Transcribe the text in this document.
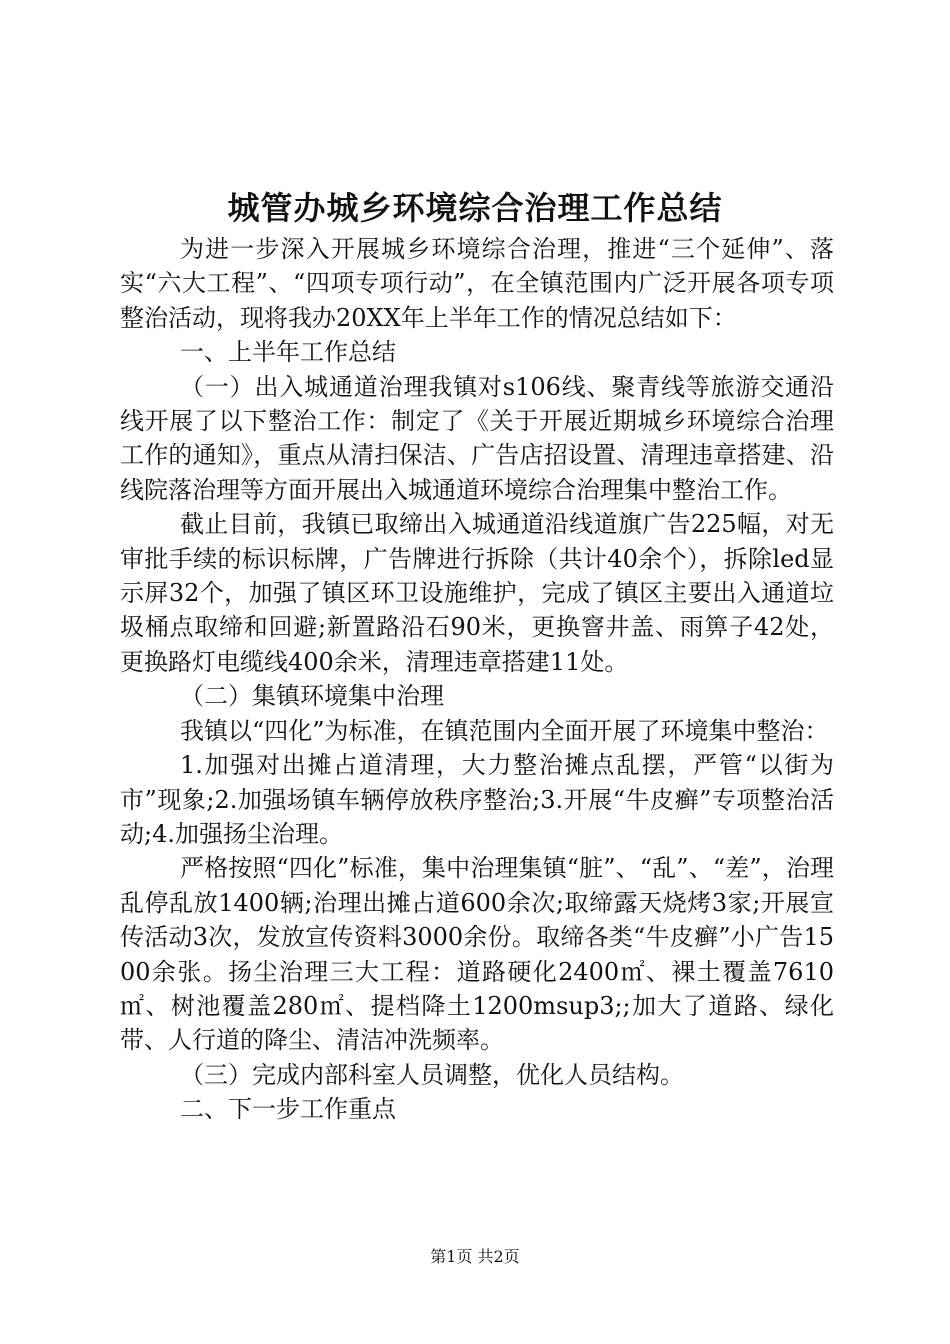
城管办城乡环境综合治理工作总结

为进一步深入开展城乡环境综合治理，推进“三个延伸”、落实“六大工程”、“四项专项行动”，在全镇范围内广泛开展各项专项整治活动，现将我办20XX年上半年工作的情况总结如下：

一、上半年工作总结

（一）出入城通道治理我镇对s106线、聚青线等旅游交通沿线开展了以下整治工作：制定了《关于开展近期城乡环境综合治理工作的通知》，重点从清扫保洁、广告店招设置、清理违章搭建、沿线院落治理等方面开展出入城通道环境综合治理集中整治工作。

截止目前，我镇已取缔出入城通道沿线道旗广告225幅，对无审批手续的标识标牌，广告牌进行拆除（共计40余个），拆除led显示屏32个，加强了镇区环卫设施维护，完成了镇区主要出入通道垃圾桶点取缔和回避;新置路沿石90米，更换窨井盖、雨箅子42处，更换路灯电缆线400余米，清理违章搭建11处。

（二）集镇环境集中治理

我镇以“四化”为标准，在镇范围内全面开展了环境集中整治：

1.加强对出摊占道清理，大力整治摊点乱摆，严管“以街为市”现象;2.加强场镇车辆停放秩序整治;3.开展“牛皮癣”专项整治活动;4.加强扬尘治理。

严格按照“四化”标准，集中治理集镇“脏”、“乱”、“差”，治理乱停乱放1400辆;治理出摊占道600余次;取缔露天烧烤3家;开展宣传活动3次，发放宣传资料3000余份。取缔各类“牛皮癣”小广告1500余张。扬尘治理三大工程：道路硬化2400㎡、裸土覆盖7610㎡、树池覆盖280㎡、提档降土1200msup3;;加大了道路、绿化带、人行道的降尘、清洁冲洗频率。

（三）完成内部科室人员调整，优化人员结构。

二、下一步工作重点

第1页 共2页
